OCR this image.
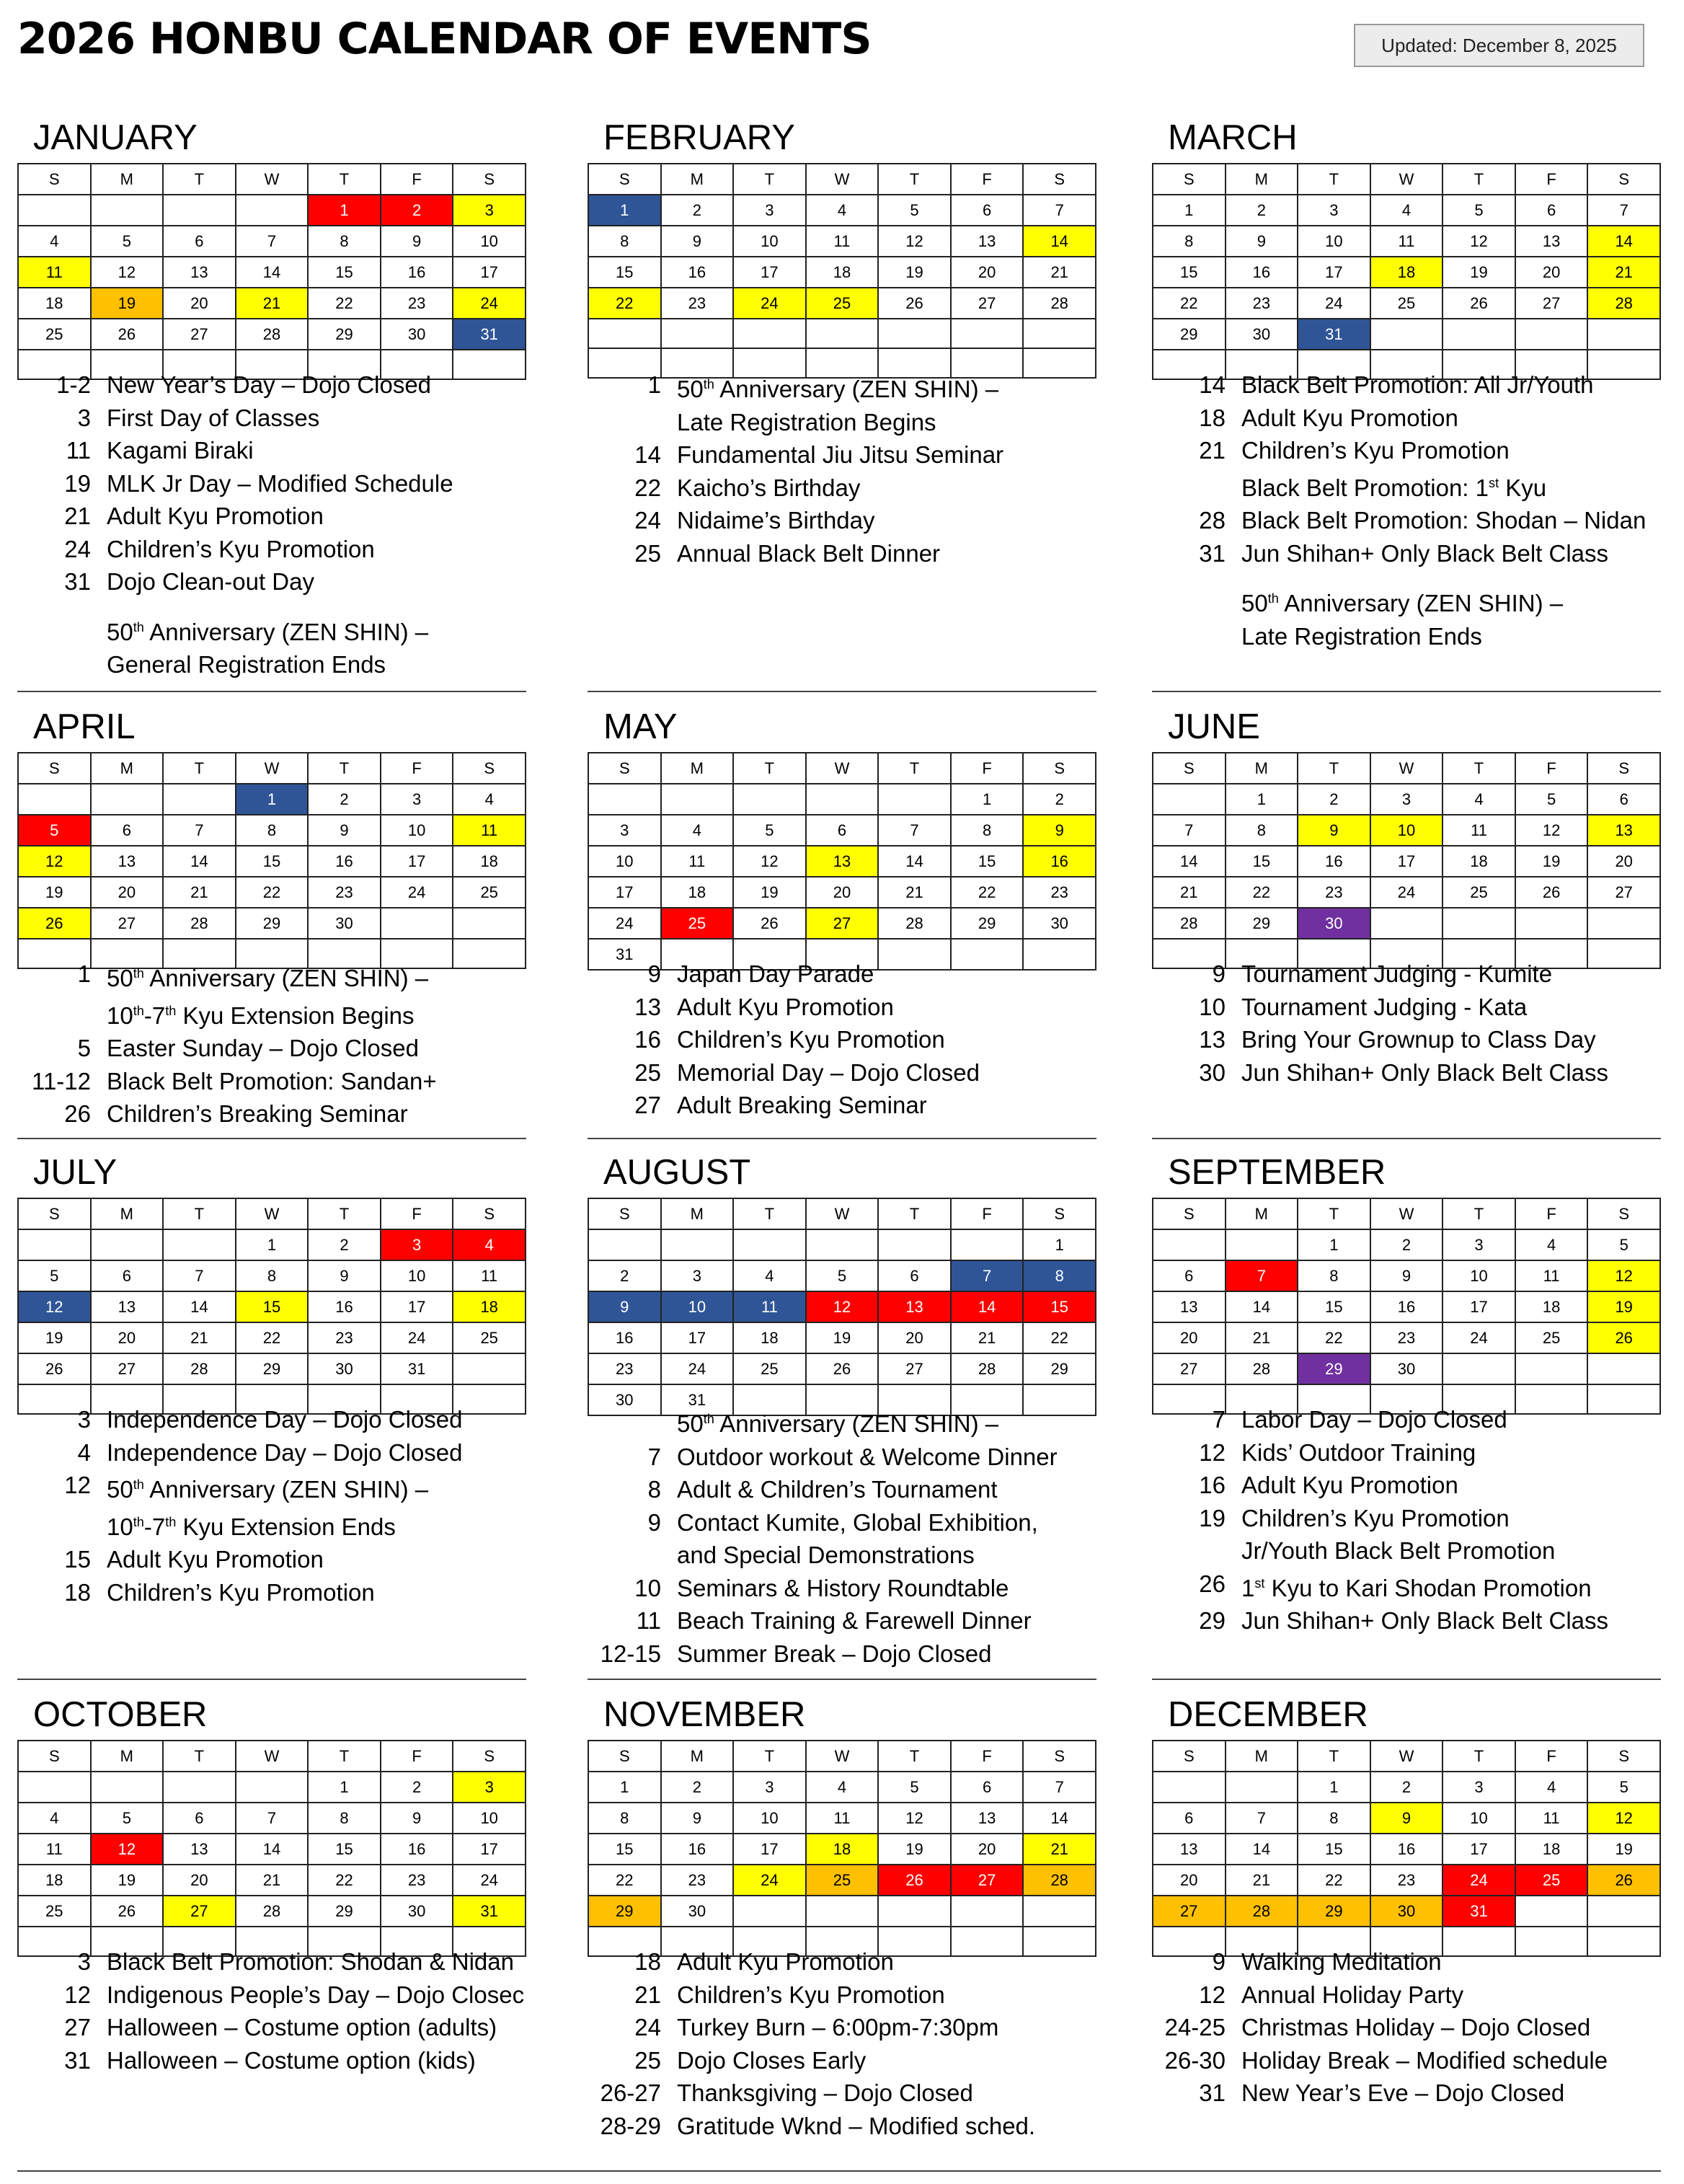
2026 HONBU CALENDAR OF EVENTS	Updated: December 8, 2025
JANUARY
S	M	T	W	T	F	S
				1	2	3
4	5	6	7	8	9	10
11	12	13	14	15	16	17
18	19	20	21	22	23	24
25	26	27	28	29	30	31

1-2 New Year’s Day – Dojo Closed
3 First Day of Classes
11 Kagami Biraki
19 MLK Jr Day – Modified Schedule
21 Adult Kyu Promotion
24 Children’s Kyu Promotion
31 Dojo Clean-out Day
50th Anniversary (ZEN SHIN) –
General Registration Ends
FEBRUARY
S	M	T	W	T	F	S
1	2	3	4	5	6	7
8	9	10	11	12	13	14
15	16	17	18	19	20	21
22	23	24	25	26	27	28

1 50th Anniversary (ZEN SHIN) –
Late Registration Begins
14 Fundamental Jiu Jitsu Seminar
22 Kaicho’s Birthday
24 Nidaime’s Birthday
25 Annual Black Belt Dinner
MARCH
S	M	T	W	T	F	S
1	2	3	4	5	6	7
8	9	10	11	12	13	14
15	16	17	18	19	20	21
22	23	24	25	26	27	28
29	30	31				

14 Black Belt Promotion: All Jr/Youth
18 Adult Kyu Promotion
21 Children’s Kyu Promotion
Black Belt Promotion: 1st Kyu
28 Black Belt Promotion: Shodan – Nidan
31 Jun Shihan+ Only Black Belt Class
50th Anniversary (ZEN SHIN) –
Late Registration Ends
APRIL
S	M	T	W	T	F	S
			1	2	3	4
5	6	7	8	9	10	11
12	13	14	15	16	17	18
19	20	21	22	23	24	25
26	27	28	29	30		

1 50th Anniversary (ZEN SHIN) –
10th-7th Kyu Extension Begins
5 Easter Sunday – Dojo Closed
11-12 Black Belt Promotion: Sandan+
26 Children’s Breaking Seminar
MAY
S	M	T	W	T	F	S
					1	2
3	4	5	6	7	8	9
10	11	12	13	14	15	16
17	18	19	20	21	22	23
24	25	26	27	28	29	30
31						
9 Japan Day Parade
13 Adult Kyu Promotion
16 Children’s Kyu Promotion
25 Memorial Day – Dojo Closed
27 Adult Breaking Seminar
JUNE
S	M	T	W	T	F	S
	1	2	3	4	5	6
7	8	9	10	11	12	13
14	15	16	17	18	19	20
21	22	23	24	25	26	27
28	29	30				

9 Tournament Judging - Kumite
10 Tournament Judging - Kata
13 Bring Your Grownup to Class Day
30 Jun Shihan+ Only Black Belt Class
JULY
S	M	T	W	T	F	S
			1	2	3	4
5	6	7	8	9	10	11
12	13	14	15	16	17	18
19	20	21	22	23	24	25
26	27	28	29	30	31	

3 Independence Day – Dojo Closed
4 Independence Day – Dojo Closed
12 50th Anniversary (ZEN SHIN) –
10th-7th Kyu Extension Ends
15 Adult Kyu Promotion
18 Children’s Kyu Promotion
AUGUST
S	M	T	W	T	F	S
						1
2	3	4	5	6	7	8
9	10	11	12	13	14	15
16	17	18	19	20	21	22
23	24	25	26	27	28	29
30	31					
50th Anniversary (ZEN SHIN) –
7 Outdoor workout & Welcome Dinner
8 Adult & Children’s Tournament
9 Contact Kumite, Global Exhibition,
and Special Demonstrations
10 Seminars & History Roundtable
11 Beach Training & Farewell Dinner
12-15 Summer Break – Dojo Closed
SEPTEMBER
S	M	T	W	T	F	S
		1	2	3	4	5
6	7	8	9	10	11	12
13	14	15	16	17	18	19
20	21	22	23	24	25	26
27	28	29	30			

7 Labor Day – Dojo Closed
12 Kids’ Outdoor Training
16 Adult Kyu Promotion
19 Children’s Kyu Promotion
Jr/Youth Black Belt Promotion
26 1st Kyu to Kari Shodan Promotion
29 Jun Shihan+ Only Black Belt Class
OCTOBER
S	M	T	W	T	F	S
				1	2	3
4	5	6	7	8	9	10
11	12	13	14	15	16	17
18	19	20	21	22	23	24
25	26	27	28	29	30	31

3 Black Belt Promotion: Shodan & Nidan
12 Indigenous People’s Day – Dojo Closec
27 Halloween – Costume option (adults)
31 Halloween – Costume option (kids)
NOVEMBER
S	M	T	W	T	F	S
1	2	3	4	5	6	7
8	9	10	11	12	13	14
15	16	17	18	19	20	21
22	23	24	25	26	27	28
29	30					

18 Adult Kyu Promotion
21 Children’s Kyu Promotion
24 Turkey Burn – 6:00pm-7:30pm
25 Dojo Closes Early
26-27 Thanksgiving – Dojo Closed
28-29 Gratitude Wknd – Modified sched.
DECEMBER
S	M	T	W	T	F	S
		1	2	3	4	5
6	7	8	9	10	11	12
13	14	15	16	17	18	19
20	21	22	23	24	25	26
27	28	29	30	31		

9 Walking Meditation
12 Annual Holiday Party
24-25 Christmas Holiday – Dojo Closed
26-30 Holiday Break – Modified schedule
31 New Year’s Eve – Dojo Closed
